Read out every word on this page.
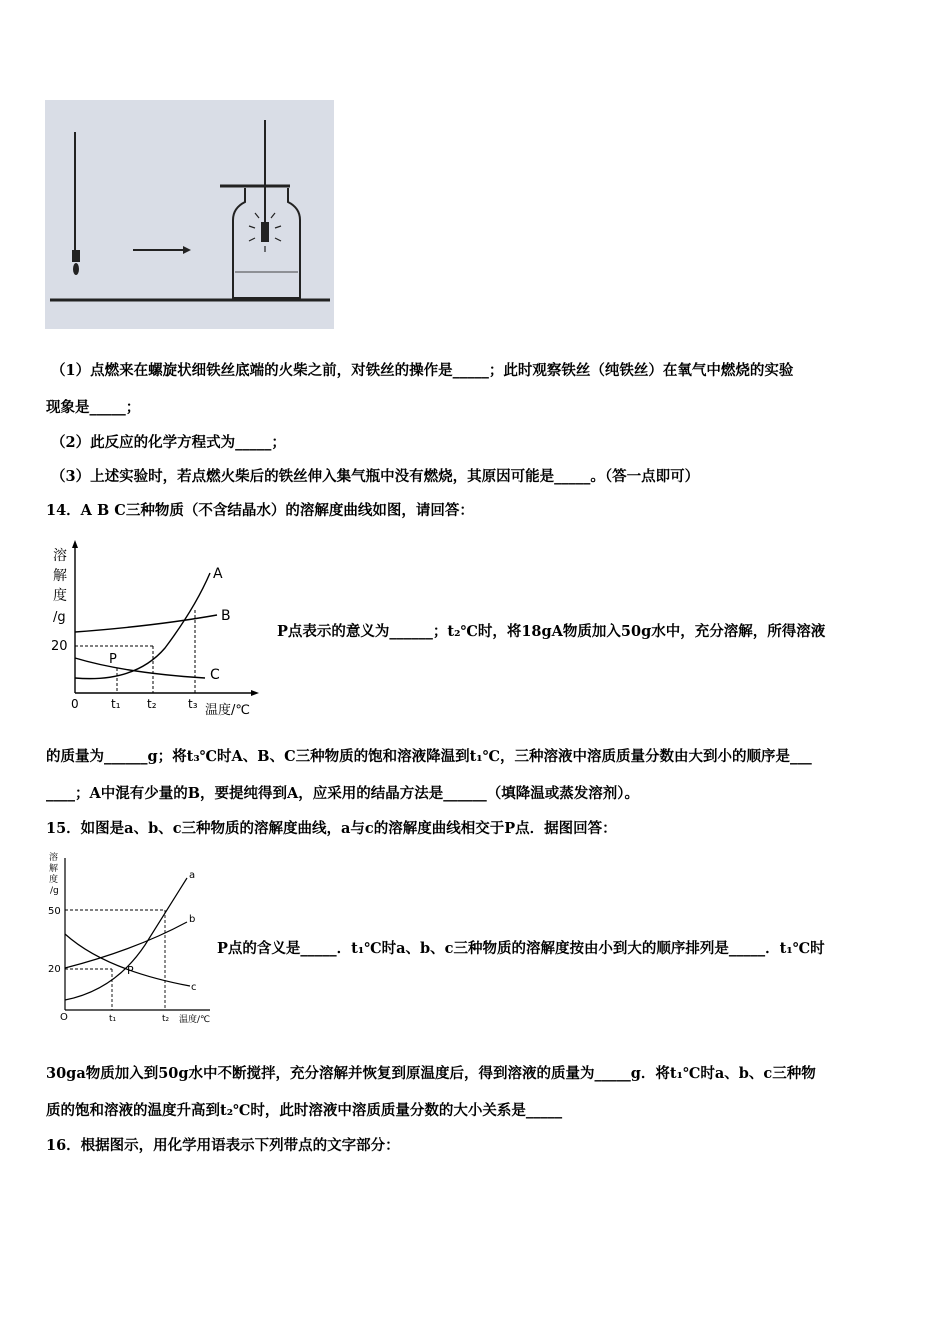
（1）点燃来在螺旋状细铁丝底端的火柴之前，对铁丝的操作是_____；此时观察铁丝（纯铁丝）在氧气中燃烧的实验
现象是_____；
（2）此反应的化学方程式为_____；
（3）上述实验时，若点燃火柴后的铁丝伸入集气瓶中没有燃烧，其原因可能是_____。（答一点即可）
14．A B C三种物质（不含结晶水）的溶解度曲线如图，请回答：
溶
解
度
/g
20
0
A
B
C
P
t₁ t₂	t₃ 温度/℃
P点表示的意义为______；t₂℃时，将18gA物质加入50g水中，充分溶解，所得溶液
的质量为______g；将t₃℃时A、B、C三种物质的饱和溶液降温到t₁℃，三种溶液中溶质质量分数由大到小的顺序是___
____；A中混有少量的B，要提纯得到A，应采用的结晶方法是______（填降温或蒸发溶剂）。
15．如图是a、b、c三种物质的溶解度曲线，a与c的溶解度曲线相交于P点．据图回答：
溶
解
度
/g
50
20
O
a
b
c
P
t₁	t₂ 温度/℃
P点的含义是_____．t₁℃时a、b、c三种物质的溶解度按由小到大的顺序排列是_____．t₁℃时
30ga物质加入到50g水中不断搅拌，充分溶解并恢复到原温度后，得到溶液的质量为_____g．将t₁℃时a、b、c三种物
质的饱和溶液的温度升高到t₂℃时，此时溶液中溶质质量分数的大小关系是_____
16．根据图示，用化学用语表示下列带点的文字部分：
